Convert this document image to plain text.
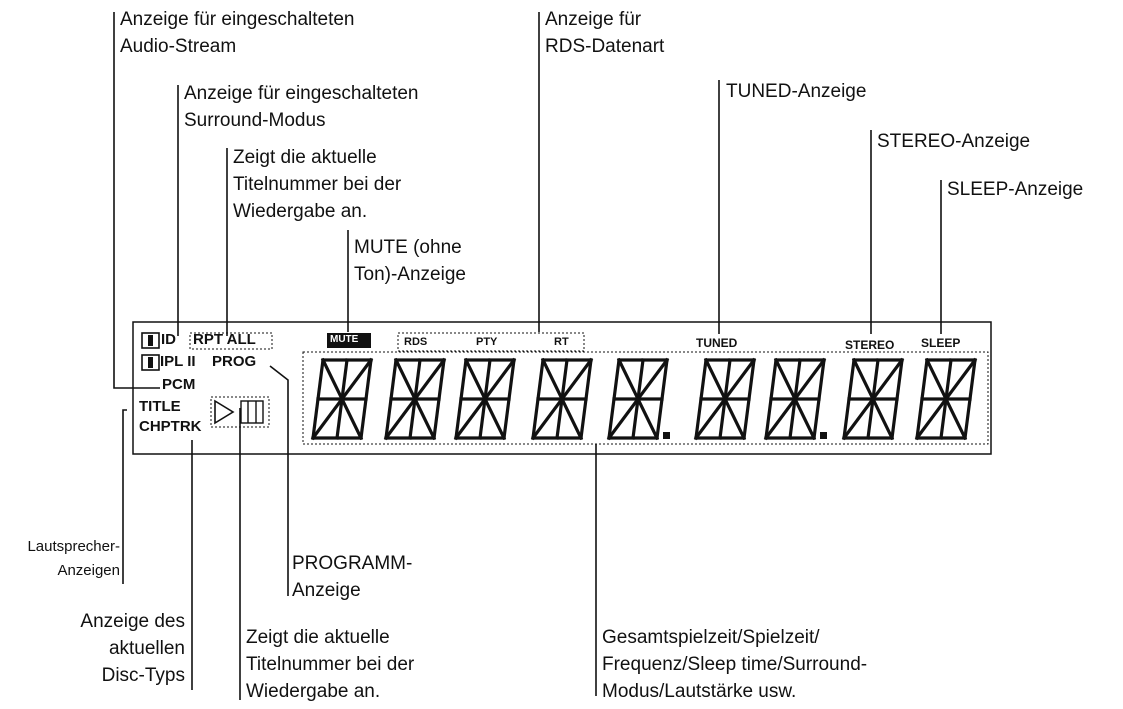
Anzeige für eingeschalteten
Audio-Stream
Anzeige für eingeschalteten
Surround-Modus
Zeigt die aktuelle
Titelnummer bei der
Wiedergabe an.
MUTE (ohne
Ton)-Anzeige
Anzeige für
RDS-Datenart
TUNED-Anzeige
STEREO-Anzeige
SLEEP-Anzeige
Lautsprecher-
Anzeigen
Anzeige des
aktuellen
Disc-Typs
PROGRAMM-
Anzeige
Zeigt die aktuelle
Titelnummer bei der
Wiedergabe an.
Gesamtspielzeit/Spielzeit/
Frequenz/Sleep time/Surround-
Modus/Lautstärke usw.
ID RPT ALL
IPL II PROG
PCM
TITLE
CHPTRK
MUTE	RDS	PTY	RT	TUNED	STEREO SLEEP
